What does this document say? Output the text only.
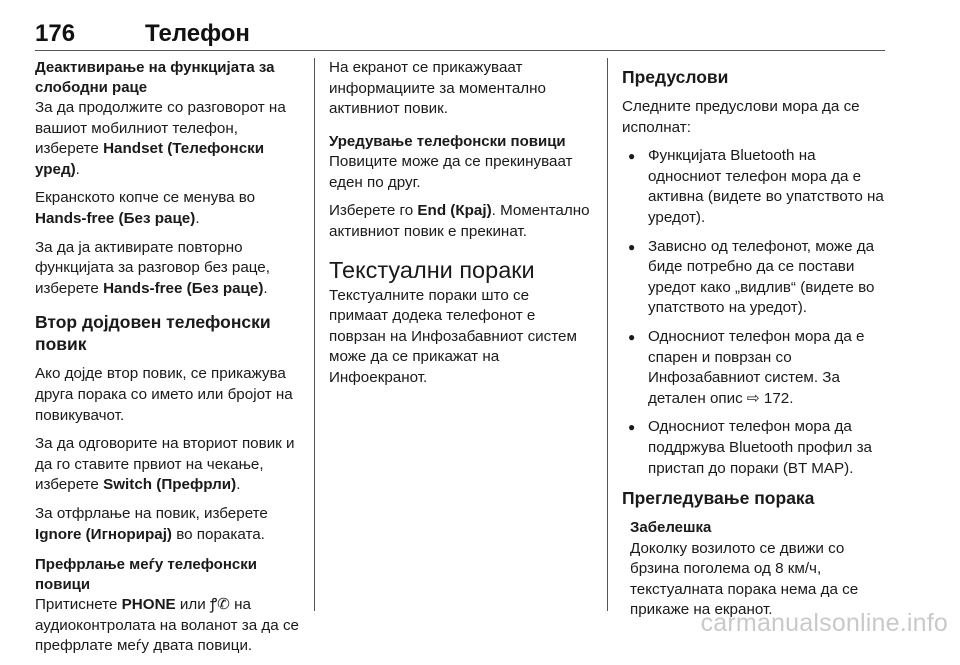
176	Телефон
Деактивирање на функцијата за слободни раце

За да продолжите со разговорот на вашиот мобилниот телефон, изберете Handset (Телефонски уред).

Екранското копче се менува во Hands-free (Без раце).

За да ја активирате повторно функцијата за разговор без раце, изберете Hands-free (Без раце).

Втор дојдовен телефонски повик

Ако дојде втор повик, се прикажува друга порака со името или бројот на повикувачот.

За да одговорите на вториот повик и да го ставите првиот на чекање, изберете Switch (Префрли).

За отфрлање на повик, изберете Ignore (Игнорирај) во пораката.

Префрлање меѓу телефонски повици

Притиснете PHONE или ꝭ✆ на аудиоконтролата на воланот за да се префрлате меѓу двата повици.

На екранот се прикажуваат информациите за моментално активниот повик.

Уредување телефонски повици

Повиците може да се прекинуваат еден по друг.

Изберете го End (Крај). Моментално активниот повик е прекинат.

Текстуални пораки

Текстуалните пораки што се примаат додека телефонот е поврзан на Инфозабавниот систем може да се прикажат на Инфоекранот.

Предуслови

Следните предуслови мора да се исполнат:

● Функцијата Bluetooth на односниот телефон мора да е активна (видете во упатството на уредот).
● Зависно од телефонот, може да биде потребно да се постави уредот како „видлив“ (видете во упатството на уредот).
● Односниот телефон мора да е спарен и поврзан со Инфозабавниот систем. За детален опис ⇨ 172.
● Односниот телефон мора да поддржува Bluetooth профил за пристап до пораки (BT MAP).
Прегледување порака
Забелешка

Доколку возилото се движи со брзина поголема од 8 км/ч, текстуалната порака нема да се прикаже на екранот.

carmanualsonline.info
